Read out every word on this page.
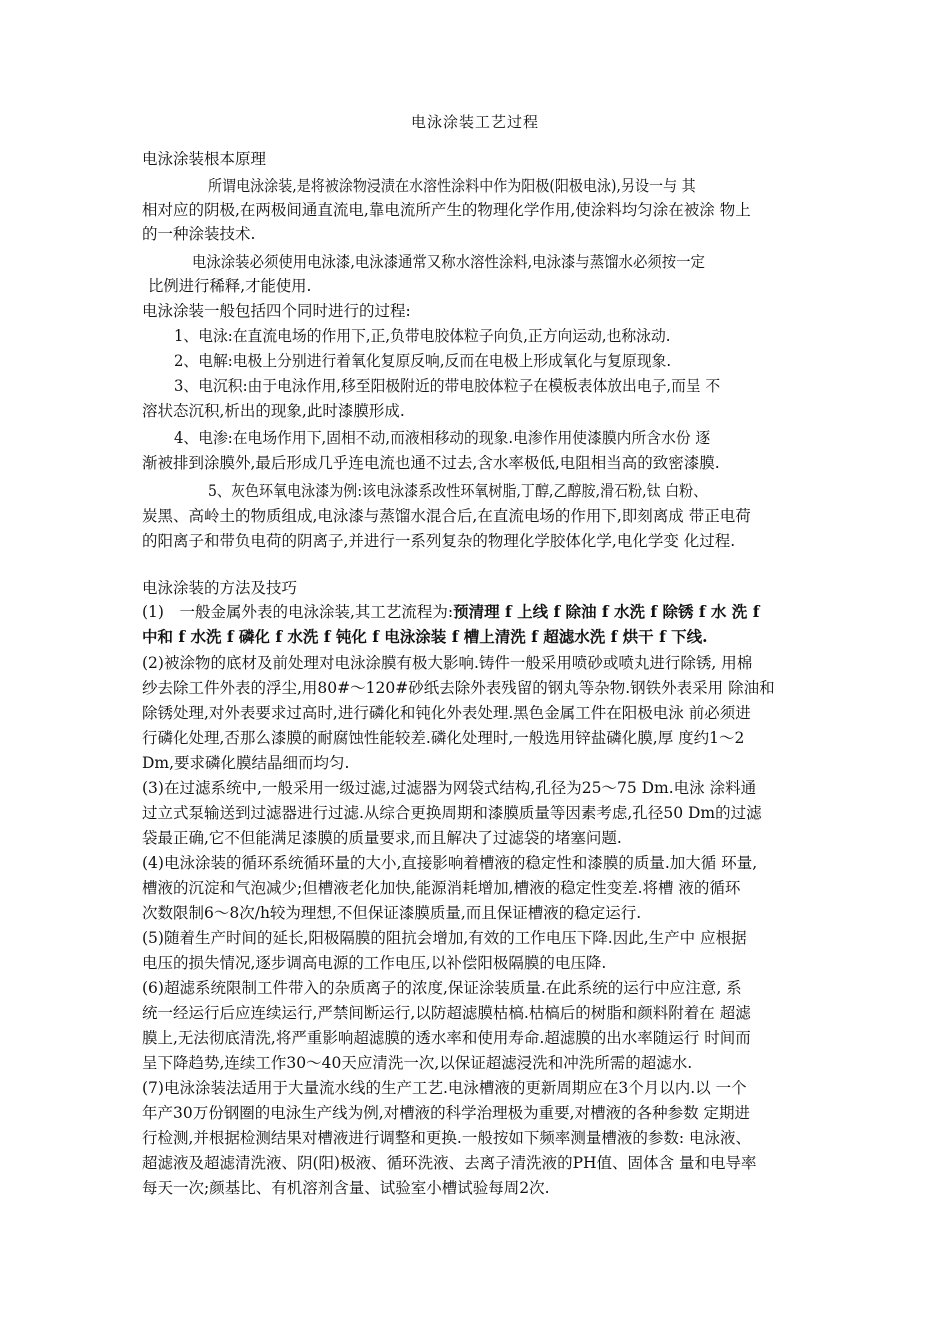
电泳涂装工艺过程
电泳涂装根本原理
所谓电泳涂装,是将被涂物浸渍在水溶性涂料中作为阳极(阳极电泳),另设一与 其
相对应的阴极,在两极间通直流电,靠电流所产生的物理化学作用,使涂料均匀涂在被涂 物上
的一种涂装技术.
电泳涂装必须使用电泳漆,电泳漆通常又称水溶性涂料,电泳漆与蒸馏水必须按一定
比例进行稀释,才能使用.
电泳涂装一般包括四个同时进行的过程:
1、电泳:在直流电场的作用下,正,负带电胶体粒子向负,正方向运动,也称泳动.
2、电解:电极上分别进行着氧化复原反响,反而在电极上形成氧化与复原现象.
3、电沉积:由于电泳作用,移至阳极附近的带电胶体粒子在模板表体放出电子,而呈 不
溶状态沉积,析出的现象,此时漆膜形成.
4、电渗:在电场作用下,固相不动,而液相移动的现象.电渗作用使漆膜内所含水份 逐
渐被排到涂膜外,最后形成几乎连电流也通不过去,含水率极低,电阻相当高的致密漆膜.
5、灰色环氧电泳漆为例:该电泳漆系改性环氧树脂,丁醇,乙醇胺,滑石粉,钛 白粉、
炭黑、高岭土的物质组成,电泳漆与蒸馏水混合后,在直流电场的作用下,即刻离成 带正电荷
的阳离子和带负电荷的阴离子,并进行一系列复杂的物理化学胶体化学,电化学变 化过程.
电泳涂装的方法及技巧
(1)　一般金属外表的电泳涂装,其工艺流程为:预清理 f 上线 f 除油 f 水洗 f 除锈 f 水 洗 f
中和 f 水洗 f 磷化 f 水洗 f 钝化 f 电泳涂装 f 槽上清洗 f 超滤水洗 f 烘干 f 下线.
(2)被涂物的底材及前处理对电泳涂膜有极大影响.铸件一般采用喷砂或喷丸进行除锈, 用棉
纱去除工件外表的浮尘,用80#〜120#砂纸去除外表残留的钢丸等杂物.钢铁外表采用 除油和
除锈处理,对外表要求过高时,进行磷化和钝化外表处理.黑色金属工件在阳极电泳 前必须进
行磷化处理,否那么漆膜的耐腐蚀性能较差.磷化处理时,一般选用锌盐磷化膜,厚 度约1〜2
Dm,要求磷化膜结晶细而均匀.
(3)在过滤系统中,一般采用一级过滤,过滤器为网袋式结构,孔径为25〜75 Dm.电泳 涂料通
过立式泵输送到过滤器进行过滤.从综合更换周期和漆膜质量等因素考虑,孔径50 Dm的过滤
袋最正确,它不但能满足漆膜的质量要求,而且解决了过滤袋的堵塞问题.
(4)电泳涂装的循环系统循环量的大小,直接影响着槽液的稳定性和漆膜的质量.加大循 环量,
槽液的沉淀和气泡减少;但槽液老化加快,能源消耗增加,槽液的稳定性变差.将槽 液的循环
次数限制6〜8次/h较为理想,不但保证漆膜质量,而且保证槽液的稳定运行.
(5)随着生产时间的延长,阳极隔膜的阻抗会增加,有效的工作电压下降.因此,生产中 应根据
电压的损失情况,逐步调高电源的工作电压,以补偿阳极隔膜的电压降.
(6)超滤系统限制工件带入的杂质离子的浓度,保证涂装质量.在此系统的运行中应注意, 系
统一经运行后应连续运行,严禁间断运行,以防超滤膜枯槁.枯槁后的树脂和颜料附着在 超滤
膜上,无法彻底清洗,将严重影响超滤膜的透水率和使用寿命.超滤膜的出水率随运行 时间而
呈下降趋势,连续工作30〜40天应清洗一次,以保证超滤浸洗和冲洗所需的超滤水.
(7)电泳涂装法适用于大量流水线的生产工艺.电泳槽液的更新周期应在3个月以内.以 一个
年产30万份钢圈的电泳生产线为例,对槽液的科学治理极为重要,对槽液的各种参数 定期进
行检测,并根据检测结果对槽液进行调整和更换.一般按如下频率测量槽液的参数: 电泳液、
超滤液及超滤清洗液、阴(阳)极液、循环洗液、去离子清洗液的PH值、固体含 量和电导率
每天一次;颜基比、有机溶剂含量、试验室小槽试验每周2次.
